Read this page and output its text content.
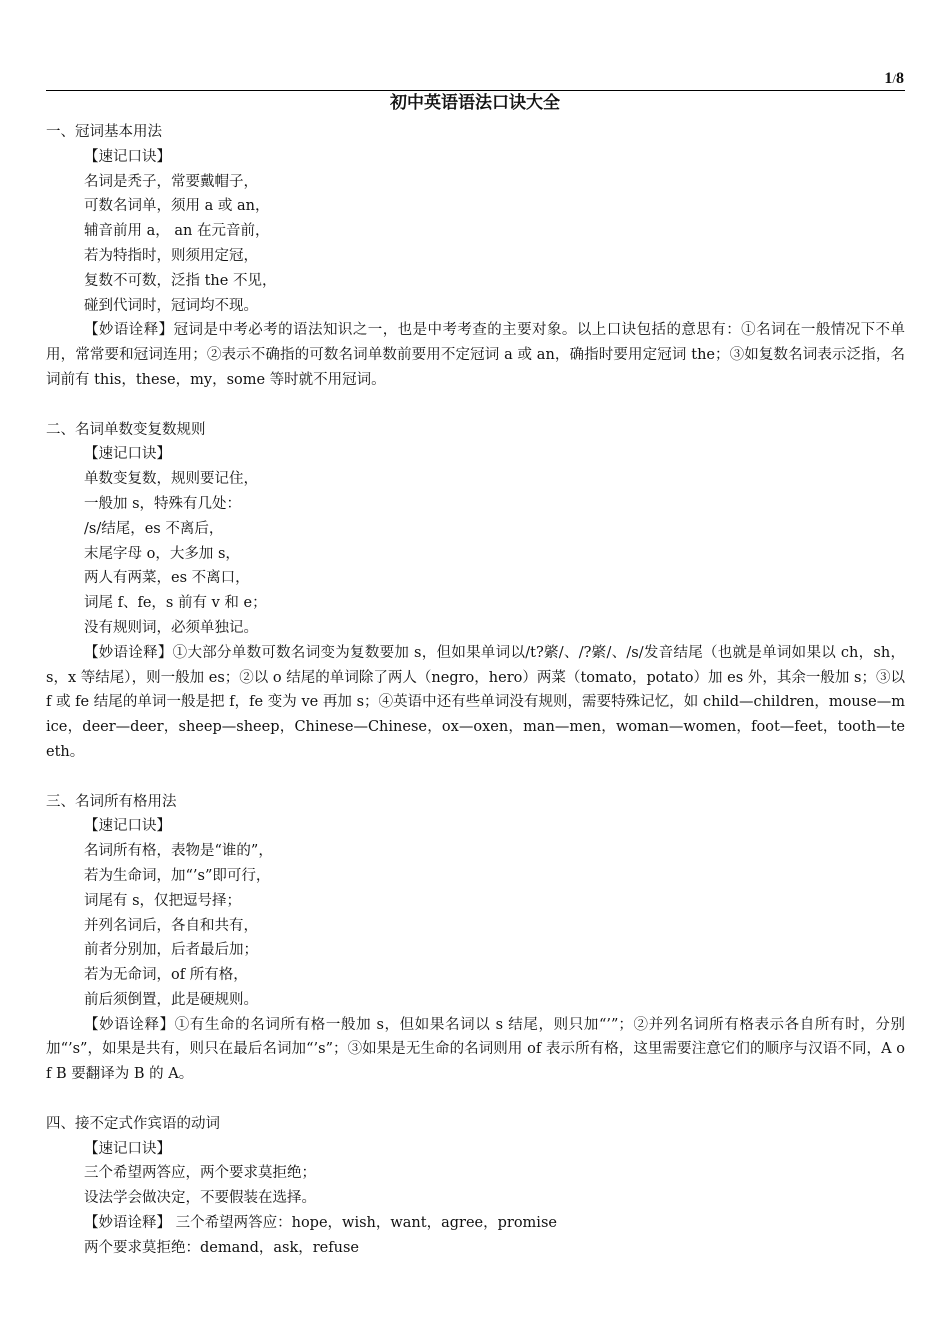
1/8
初中英语语法口诀大全

一、冠词基本用法

【速记口诀】

名词是秃子，常要戴帽子，

可数名词单，须用 a 或 an，

辅音前用 a， an 在元音前，

若为特指时，则须用定冠，

复数不可数，泛指 the 不见，

碰到代词时，冠词均不现。

【妙语诠释】冠词是中考必考的语法知识之一，也是中考考查的主要对象。以上口诀包括的意思有：①名词在一般情况下不单用，常常要和冠词连用；②表示不确指的可数名词单数前要用不定冠词 a 或 an，确指时要用定冠词 the；③如复数名词表示泛指，名词前有 this，these，my，some 等时就不用冠词。

二、名词单数变复数规则

【速记口诀】

单数变复数，规则要记住，

一般加 s，特殊有几处：

/s/结尾，es 不离后，

末尾字母 o，大多加 s，

两人有两菜，es 不离口，

词尾 f、fe，s 前有 v 和 e；

没有规则词，必须单独记。

【妙语诠释】①大部分单数可数名词变为复数要加 s，但如果单词以/t?綮/、/?綮/、/s/发音结尾（也就是单词如果以 ch，sh，s，x 等结尾），则一般加 es；②以 o 结尾的单词除了两人（negro，hero）两菜（tomato，potato）加 es 外，其余一般加 s；③以 f 或 fe 结尾的单词一般是把 f，fe 变为 ve 再加 s；④英语中还有些单词没有规则，需要特殊记忆，如 child—children，mouse—mice，deer—deer，sheep—sheep，Chinese—Chinese，ox—oxen，man—men，woman—women，foot—feet，tooth—teeth。

三、名词所有格用法

【速记口诀】

名词所有格，表物是“谁的”，

若为生命词，加“’s”即可行，

词尾有 s，仅把逗号择；

并列名词后，各自和共有，

前者分别加，后者最后加；

若为无命词，of 所有格，

前后须倒置，此是硬规则。

【妙语诠释】①有生命的名词所有格一般加 s，但如果名词以 s 结尾，则只加“’”；②并列名词所有格表示各自所有时，分别加“’s”，如果是共有，则只在最后名词加“’s”；③如果是无生命的名词则用 of 表示所有格，这里需要注意它们的顺序与汉语不同，A of B 要翻译为 B 的 A。

四、接不定式作宾语的动词

【速记口诀】

三个希望两答应，两个要求莫拒绝；

设法学会做决定，不要假装在选择。

【妙语诠释】 三个希望两答应：hope，wish，want，agree，promise

两个要求莫拒绝：demand，ask，refuse
